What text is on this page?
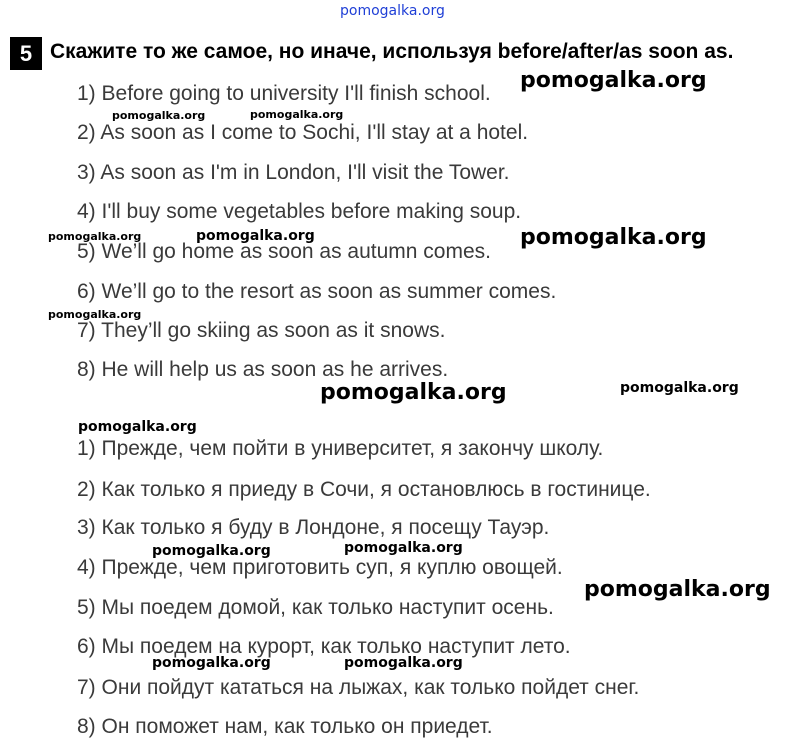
pomogalka.org
5 Скажите то же самое, но иначе, используя before/after/as soon as.
1) Before going to university I'll finish school.
2) As soon as I come to Sochi, I'll stay at a hotel.
3) As soon as I'm in London, I'll visit the Tower.
4) I'll buy some vegetables before making soup.
5) We’ll go home as soon as autumn comes.
6) We’ll go to the resort as soon as summer comes.
7) They’ll go skiing as soon as it snows.
8) He will help us as soon as he arrives.
1) Прежде, чем пойти в университет, я закончу школу.
2) Как только я приеду в Сочи, я остановлюсь в гостинице.
3) Как только я буду в Лондоне, я посещу Тауэр.
4) Прежде, чем приготовить суп, я куплю овощей.
5) Мы поедем домой, как только наступит осень.
6) Мы поедем на курорт, как только наступит лето.
7) Они пойдут кататься на лыжах, как только пойдет снег.
8) Он поможет нам, как только он приедет.
pomogalka.org
pomogalka.org	pomogalka.org
pomogalka.org	pomogalka.org	pomogalka.org
pomogalka.org
pomogalka.org	pomogalka.org
pomogalka.org
pomogalka.org	pomogalka.org
pomogalka.org
pomogalka.org	pomogalka.org
